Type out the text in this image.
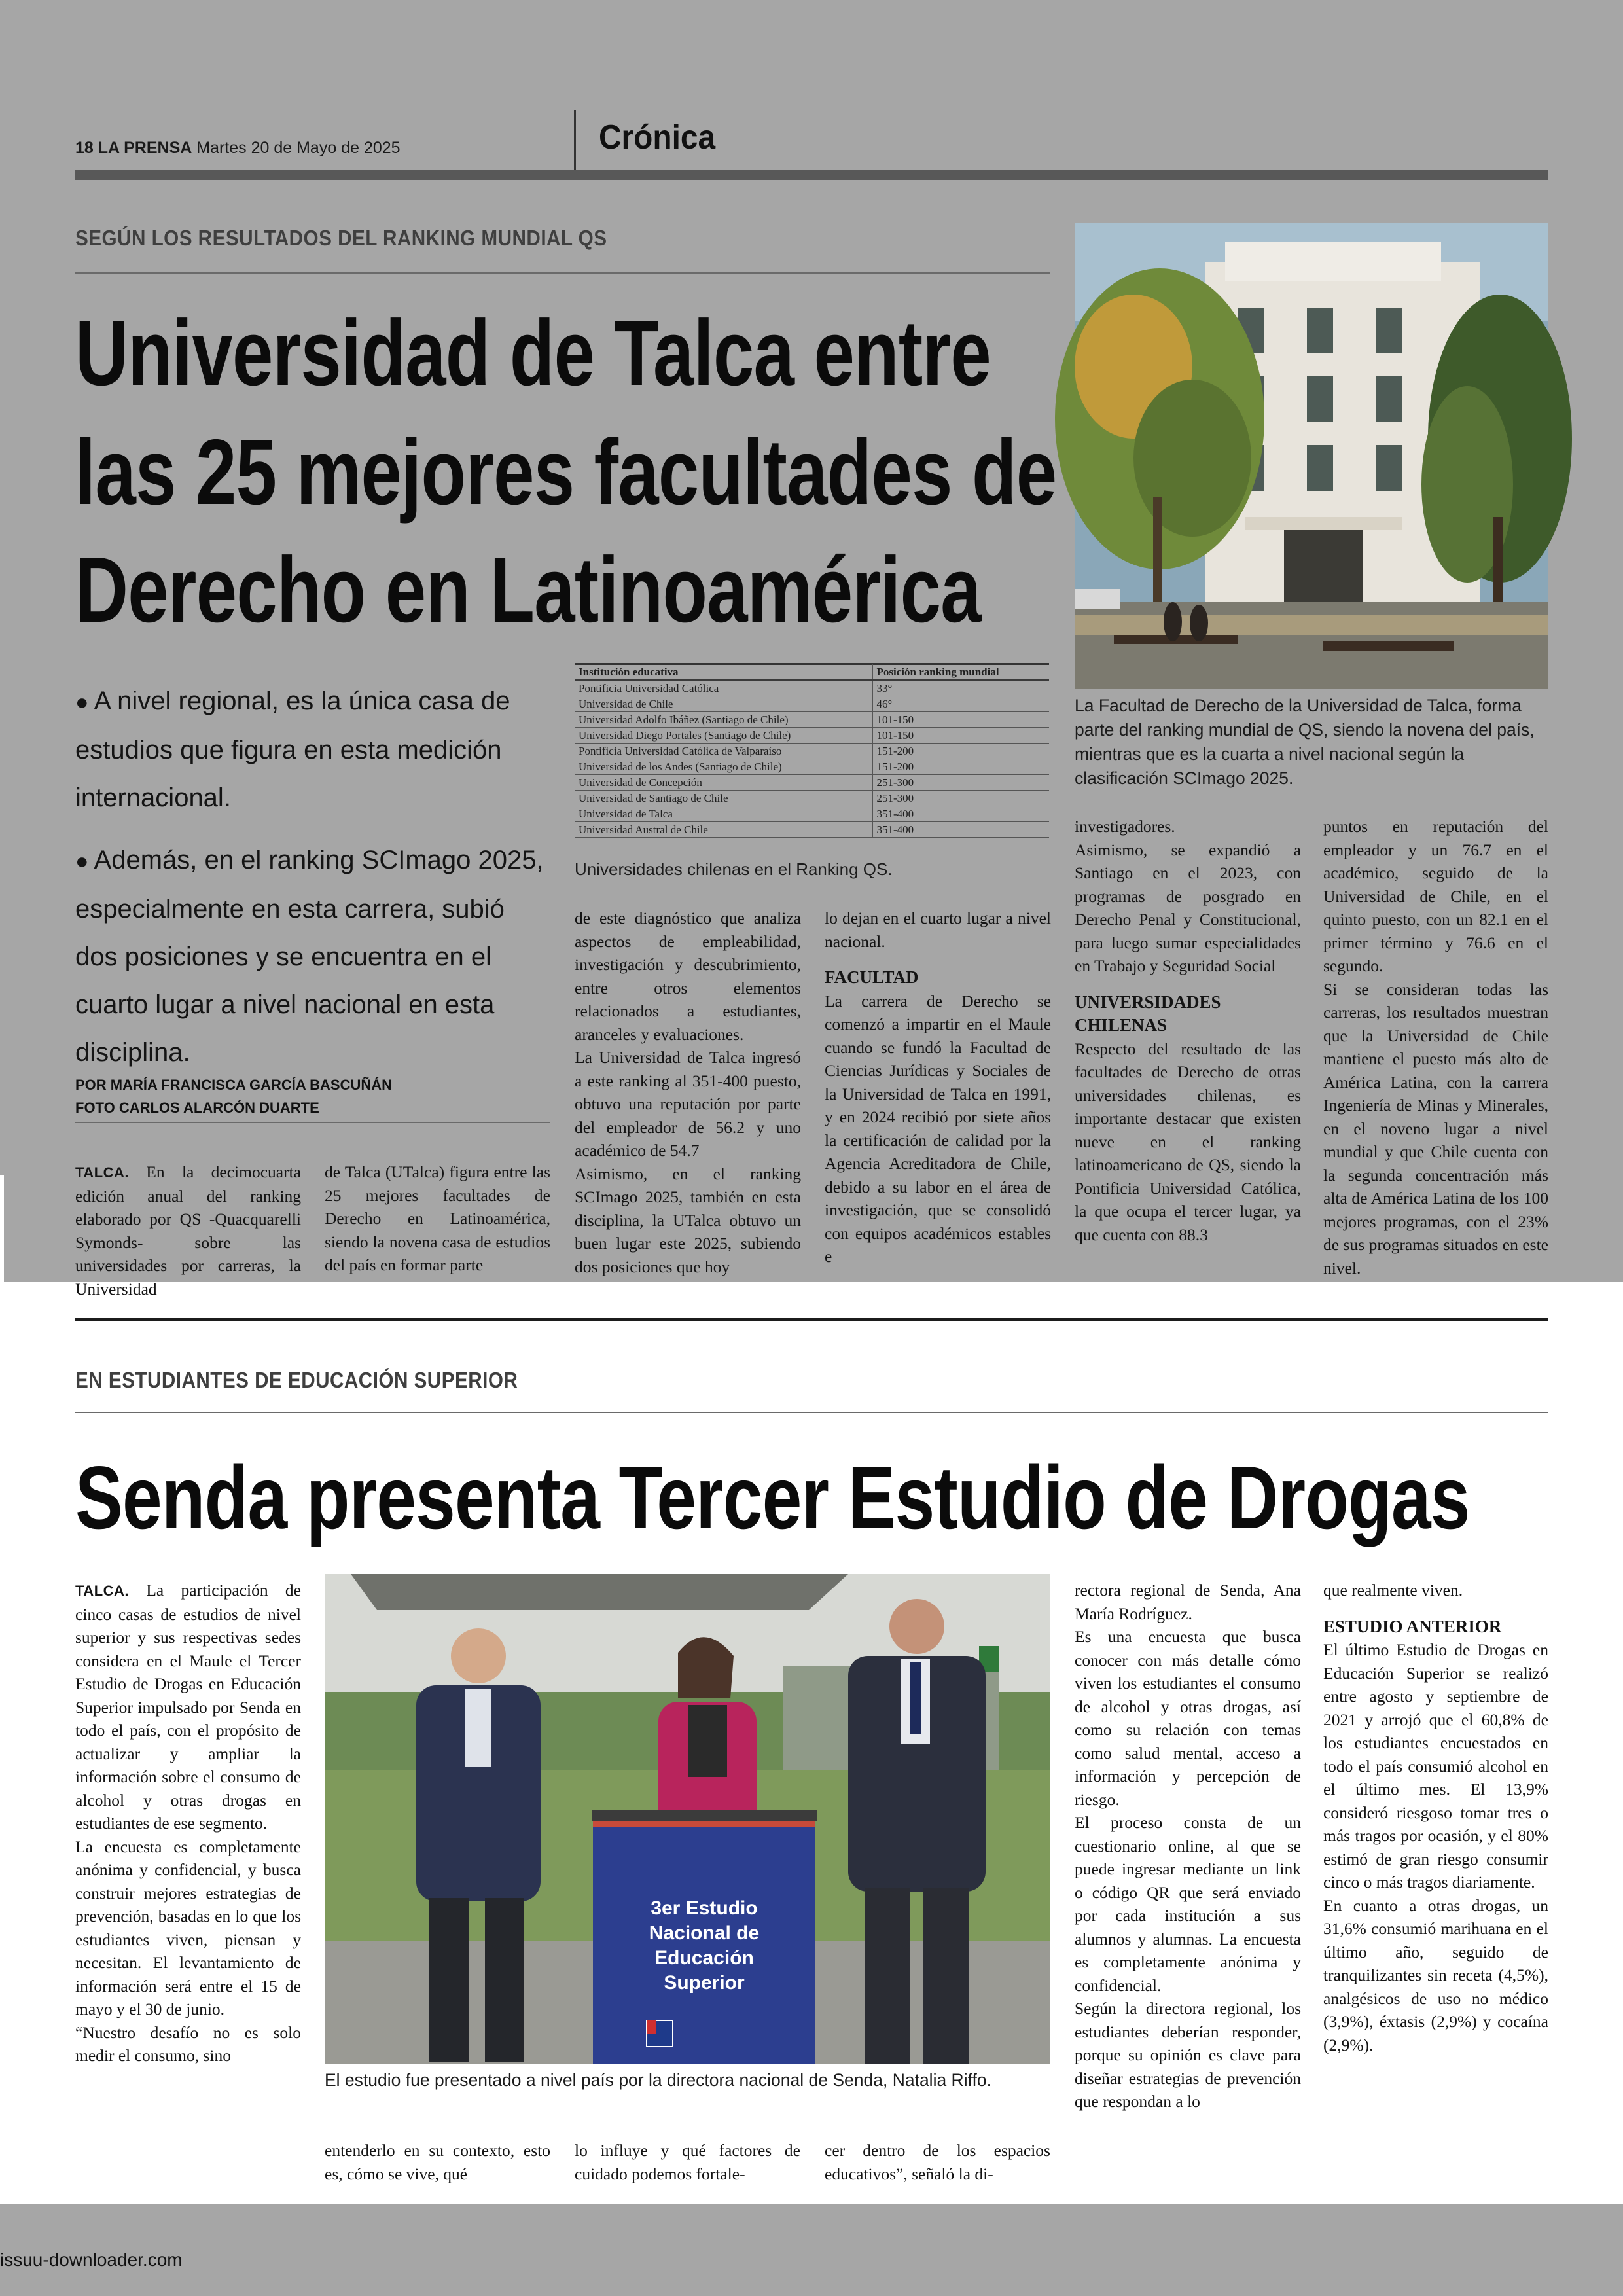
18 LA PRENSA Martes 20 de Mayo de 2025	Crónica
SEGÚN LOS RESULTADOS DEL RANKING MUNDIAL QS
Universidad de Talca entre
las 25 mejores facultades de
Derecho en Latinoamérica

● A nivel regional, es la única casa de estudios que figura en esta medición internacional.

● Además, en el ranking SCImago 2025, especialmente en esta carrera, subió dos posiciones y se encuentra en el cuarto lugar a nivel nacional en esta disciplina.

POR MARÍA FRANCISCA GARCÍA BASCUÑÁN
FOTO CARLOS ALARCÓN DUARTE
Institución educativa	Posición ranking mundial
Pontificia Universidad Católica	33°
Universidad de Chile	46°
Universidad Adolfo Ibáñez (Santiago de Chile)	101-150
Universidad Diego Portales (Santiago de Chile)	101-150
Pontificia Universidad Católica de Valparaíso	151-200
Universidad de los Andes (Santiago de Chile)	151-200
Universidad de Concepción	251-300
Universidad de Santiago de Chile	251-300
Universidad de Talca	351-400
Universidad Austral de Chile	351-400
Universidades chilenas en el Ranking QS.
La Facultad de Derecho de la Universidad de Talca, forma parte del ranking mundial de QS, siendo la novena del país, mientras que es la cuarta a nivel nacional según la clasificación SCImago 2025.

TALCA. En la decimocuarta edición anual del ranking elaborado por QS -Quacquarelli Symonds- sobre las universidades por carreras, la Universidad

de Talca (UTalca) figura entre las 25 mejores facultades de Derecho en Latinoamérica, siendo la novena casa de estudios del país en formar parte

de este diagnóstico que analiza aspectos de empleabilidad, investigación y descubrimiento, entre otros elementos relacionados a estudiantes, aranceles y evaluaciones.

La Universidad de Talca ingresó a este ranking al 351-400 puesto, obtuvo una reputación por parte del empleador de 56.2 y uno académico de 54.7

Asimismo, en el ranking SCImago 2025, también en esta disciplina, la UTalca obtuvo un buen lugar este 2025, subiendo dos posiciones que hoy

lo dejan en el cuarto lugar a nivel nacional.

FACULTAD

La carrera de Derecho se comenzó a impartir en el Maule cuando se fundó la Facultad de Ciencias Jurídicas y Sociales de la Universidad de Talca en 1991, y en 2024 recibió por siete años la certificación de calidad por la Agencia Acreditadora de Chile, debido a su labor en el área de investigación, que se consolidó con equipos académicos estables e

investigadores.

Asimismo, se expandió a Santiago en el 2023, con programas de posgrado en Derecho Penal y Constitucional, para luego sumar especialidades en Trabajo y Seguridad Social

UNIVERSIDADES CHILENAS

Respecto del resultado de las facultades de Derecho de otras universidades chilenas, es importante destacar que existen nueve en el ranking latinoamericano de QS, siendo la Pontificia Universidad Católica, la que ocupa el tercer lugar, ya que cuenta con 88.3

puntos en reputación del empleador y un 76.7 en el académico, seguido de la Universidad de Chile, en el quinto puesto, con un 82.1 en el primer término y 76.6 en el segundo.

Si se consideran todas las carreras, los resultados muestran que la Universidad de Chile mantiene el puesto más alto de América Latina, con la carrera Ingeniería de Minas y Minerales, en el noveno lugar a nivel mundial y que Chile cuenta con la segunda concentración más alta de América Latina de los 100 mejores programas, con el 23% de sus programas situados en este nivel.

EN ESTUDIANTES DE EDUCACIÓN SUPERIOR
Senda presenta Tercer Estudio de Drogas
3er Estudio
Nacional de
Educación
Superior
El estudio fue presentado a nivel país por la directora nacional de Senda, Natalia Riffo.

TALCA. La participación de cinco casas de estudios de nivel superior y sus respectivas sedes considera en el Maule el Tercer Estudio de Drogas en Educación Superior impulsado por Senda en todo el país, con el propósito de actualizar y ampliar la información sobre el consumo de alcohol y otras drogas en estudiantes de ese segmento.

La encuesta es completamente anónima y confidencial, y busca construir mejores estrategias de prevención, basadas en lo que los estudiantes viven, piensan y necesitan. El levantamiento de información será entre el 15 de mayo y el 30 de junio.

“Nuestro desafío no es solo medir el consumo, sino

entenderlo en su contexto, esto es, cómo se vive, qué

lo influye y qué factores de cuidado podemos fortale-

cer dentro de los espacios educativos”, señaló la di-

rectora regional de Senda, Ana María Rodríguez.

Es una encuesta que busca conocer con más detalle cómo viven los estudiantes el consumo de alcohol y otras drogas, así como su relación con temas como salud mental, acceso a información y percepción de riesgo.

El proceso consta de un cuestionario online, al que se puede ingresar mediante un link o código QR que será enviado por cada institución a sus alumnos y alumnas. La encuesta es completamente anónima y confidencial.

Según la directora regional, los estudiantes deberían responder, porque su opinión es clave para diseñar estrategias de prevención que respondan a lo

que realmente viven.

ESTUDIO ANTERIOR

El último Estudio de Drogas en Educación Superior se realizó entre agosto y septiembre de 2021 y arrojó que el 60,8% de los estudiantes encuestados en todo el país consumió alcohol en el último mes. El 13,9% consideró riesgoso tomar tres o más tragos por ocasión, y el 80% estimó de gran riesgo consumir cinco o más tragos diariamente.

En cuanto a otras drogas, un 31,6% consumió marihuana en el último año, seguido de tranquilizantes sin receta (4,5%), analgésicos de uso no médico (3,9%), éxtasis (2,9%) y cocaína (2,9%).

issuu-downloader.com
